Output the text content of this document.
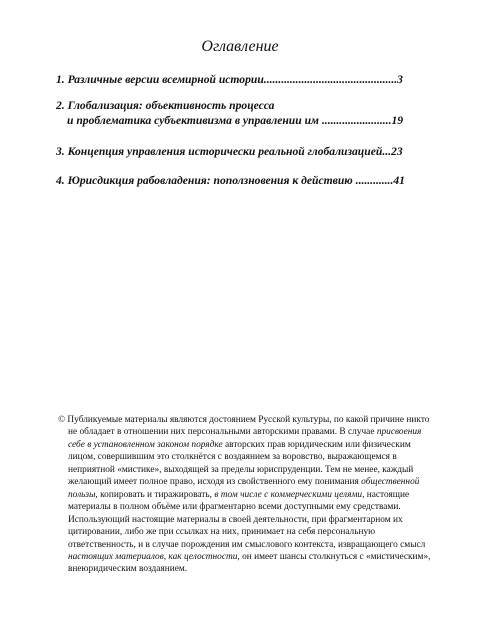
Оглавление
1. Различные версии всемирной истории..............................................3
2. Глобализация: объективность процесса
и проблематика субъективизма в управлении им ........................19
3. Концепция управления исторически реальной глобализацией...23
4. Юрисдикция рабовладения: поползновения к действию .............41

© Публикуемые материалы являются достоянием Русской культуры, по какой причине никто не обладает в отношении них персональными авторскими правами. В случае присвоения себе в установленном законом порядке авторских прав юридическим или физическим лицом, совершившим это столкнётся с воздаянием за воровство, выражающемся в неприятной «мистике», выходящей за пределы юриспруденции. Тем не менее, каждый желающий имеет полное право, исходя из свойственного ему понимания общественной пользы, копировать и тиражировать, в том числе с коммерческими целями, настоящие материалы в полном объёме или фрагментарно всеми доступными ему средствами. Использующий настоящие материалы в своей деятельности, при фрагментарном их цитировании, либо же при ссылках на них, принимает на себя персональную ответственность, и в случае порождения им смыслового контекста, извращающего смысл настоящих материалов, как целостности, он имеет шансы столкнуться с «мистическим», внеюридическим воздаянием.
